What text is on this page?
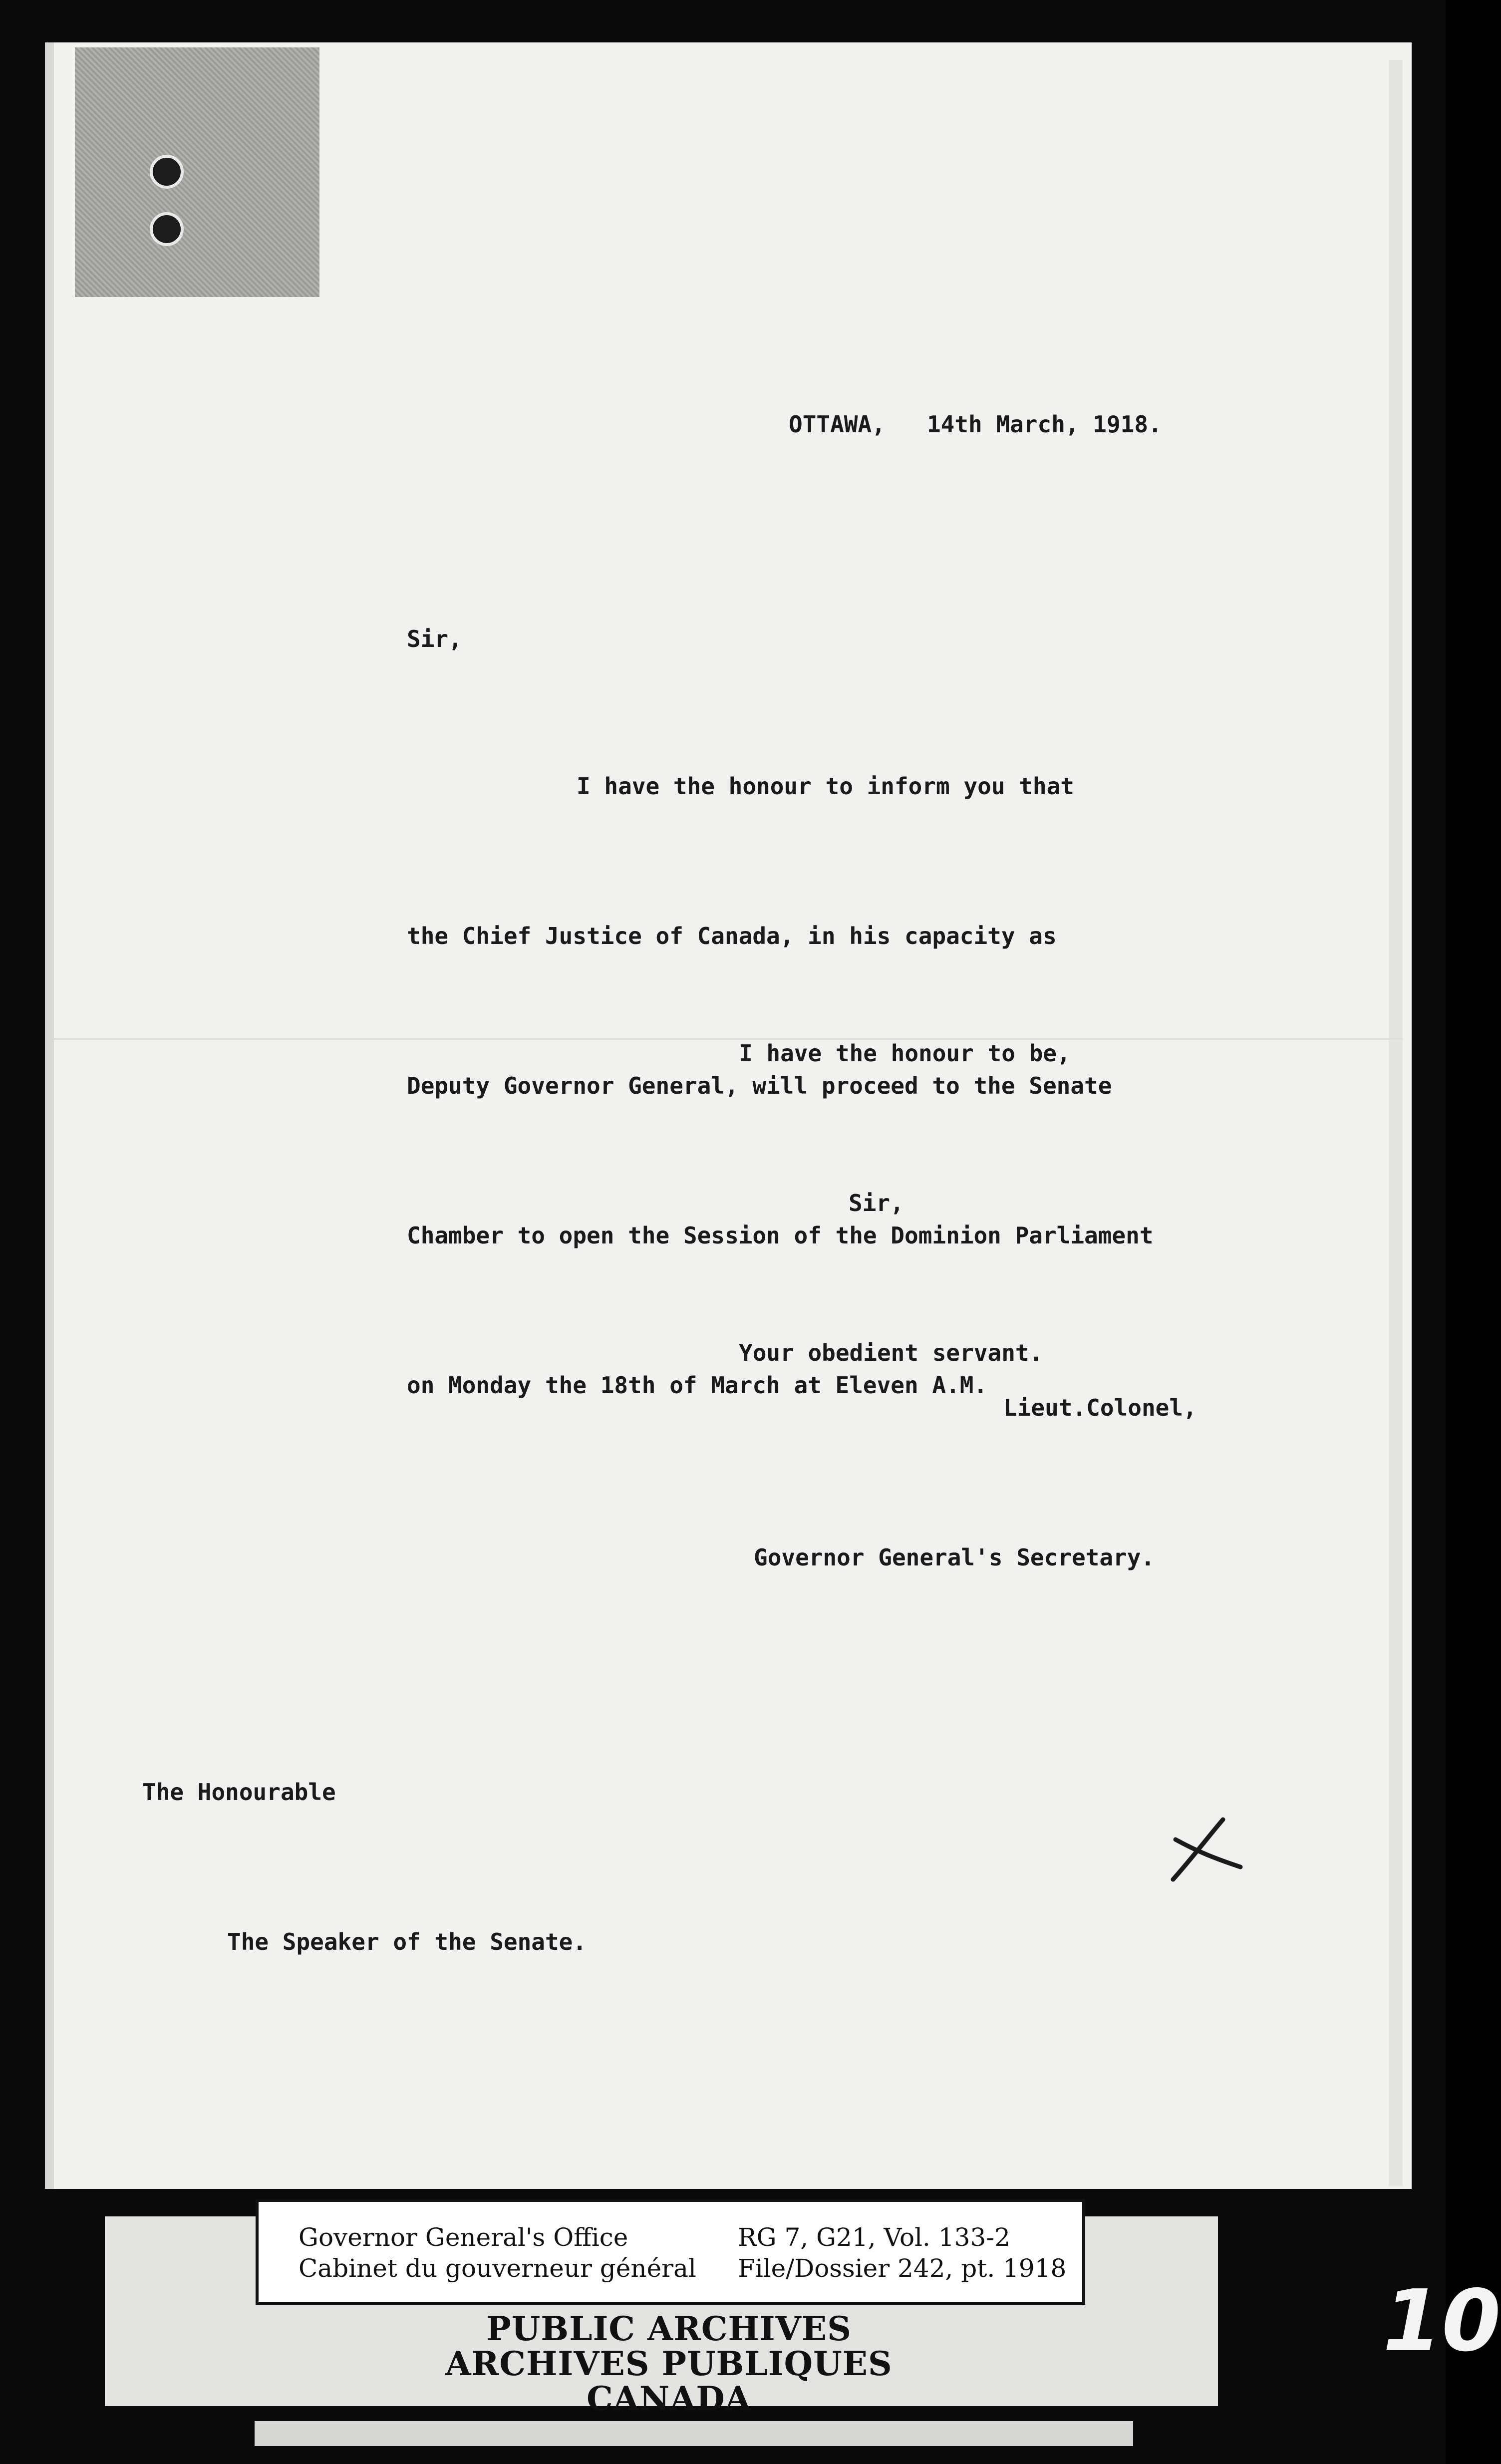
OTTAWA,   14th March, 1918.
Sir,

I have the honour to inform you that

the Chief Justice of Canada, in his capacity as

Deputy Governor General, will proceed to the Senate

Chamber to open the Session of the Dominion Parliament

on Monday the 18th of March at Eleven A.M.

I have the honour to be,

Sir,

Your obedient servant.

Lieut.Colonel,

Governor General's Secretary.

The Honourable

The Speaker of the Senate.

Governor General's Office
Cabinet du gouverneur général
RG 7, G21, Vol. 133-2
File/Dossier 242, pt. 1918
PUBLIC ARCHIVES
ARCHIVES PUBLIQUES
CANADA
10
